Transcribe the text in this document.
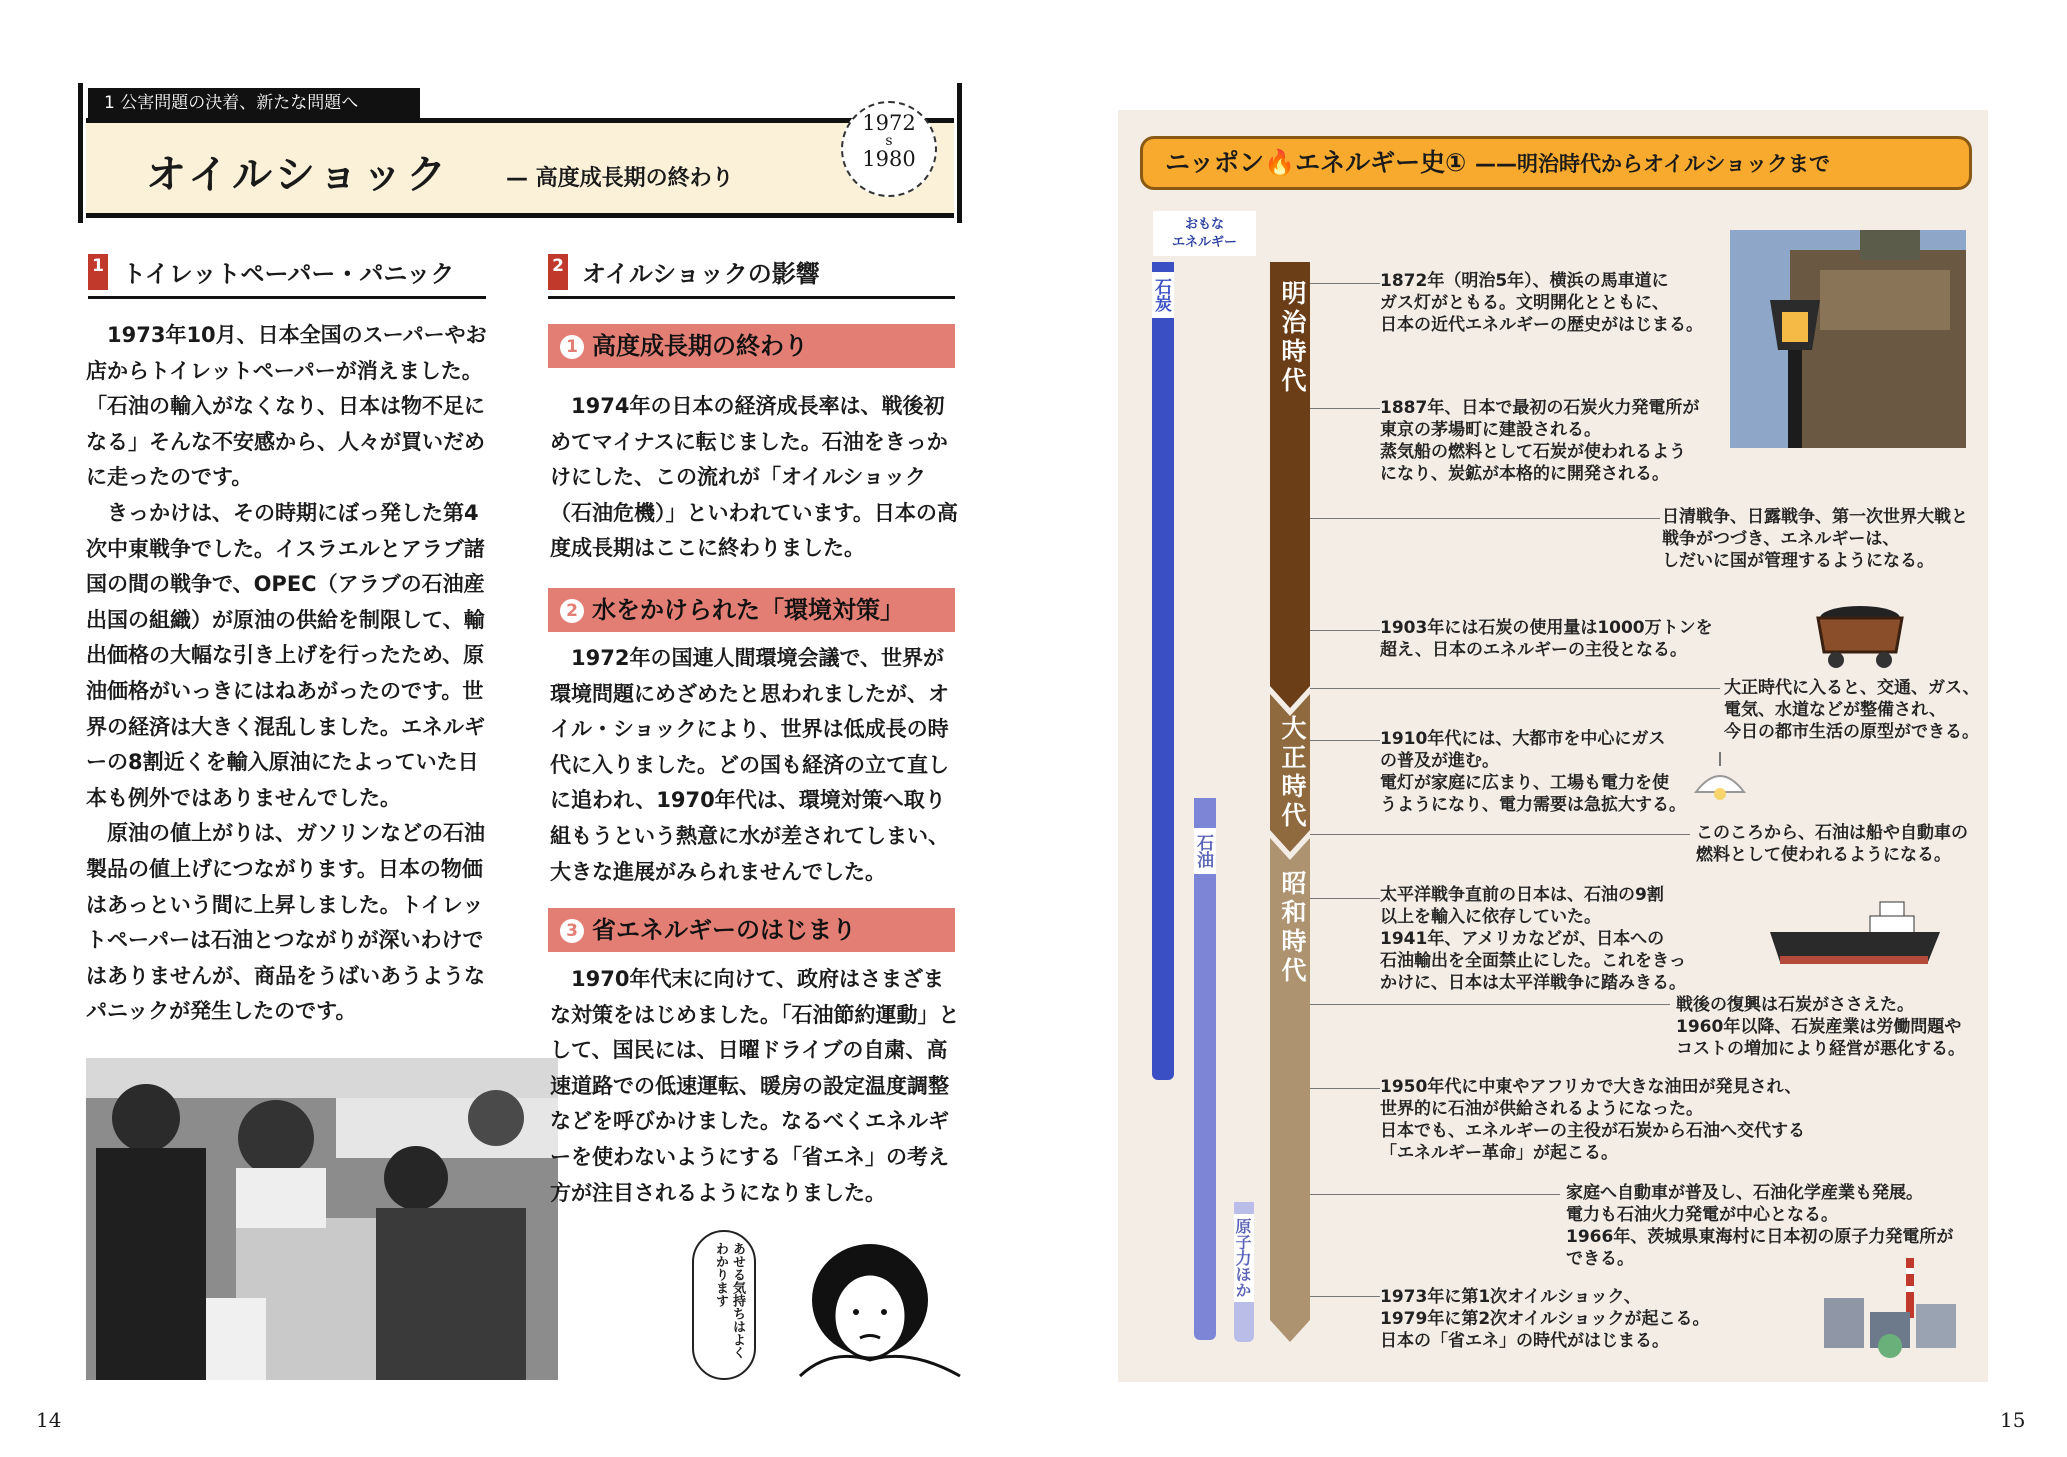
1 公害問題の決着、新たな問題へ
オイルショック	— 高度成長期の終わり
1972
s
1980
1 トイレットペーパー・パニック

1973年10月、日本全国のスーパーやお店からトイレットペーパーが消えました。「石油の輸入がなくなり、日本は物不足になる」そんな不安感から、人々が買いだめに走ったのです。

きっかけは、その時期にぼっ発した第4次中東戦争でした。イスラエルとアラブ諸国の間の戦争で、OPEC（アラブの石油産出国の組織）が原油の供給を制限して、輸出価格の大幅な引き上げを行ったため、原油価格がいっきにはねあがったのです。世界の経済は大きく混乱しました。エネルギーの8割近くを輸入原油にたよっていた日本も例外ではありませんでした。

原油の値上がりは、ガソリンなどの石油製品の値上げにつながります。日本の物価はあっという間に上昇しました。トイレットペーパーは石油とつながりが深いわけではありませんが、商品をうばいあうようなパニックが発生したのです。

2 オイルショックの影響
1 高度成長期の終わり
1974年の日本の経済成長率は、戦後初めてマイナスに転じました。石油をきっかけにした、この流れが「オイルショック（石油危機）」といわれています。日本の高度成長期はここに終わりました。
2 水をかけられた「環境対策」
1972年の国連人間環境会議で、世界が環境問題にめざめたと思われましたが、オイル・ショックにより、世界は低成長の時代に入りました。どの国も経済の立て直しに追われ、1970年代は、環境対策へ取り組もうという熱意に水が差されてしまい、大きな進展がみられませんでした。
3 省エネルギーのはじまり
1970年代末に向けて、政府はさまざまな対策をはじめました。「石油節約運動」として、国民には、日曜ドライブの自粛、高速道路での低速運転、暖房の設定温度調整などを呼びかけました。なるべくエネルギーを使わないようにする「省エネ」の考え方が注目されるようになりました。
あせる気持ちはよくわかります
14
ニッポン🔥エネルギー史① ——明治時代からオイルショックまで
おもな
エネルギー
石炭
石油
原子力ほか
明治時代
大正時代
昭和時代
1872年（明治5年）、横浜の馬車道に
ガス灯がともる。文明開化とともに、
日本の近代エネルギーの歴史がはじまる。
1887年、日本で最初の石炭火力発電所が
東京の茅場町に建設される。
蒸気船の燃料として石炭が使われるよう
になり、炭鉱が本格的に開発される。
日清戦争、日露戦争、第一次世界大戦と
戦争がつづき、エネルギーは、
しだいに国が管理するようになる。
1903年には石炭の使用量は1000万トンを
超え、日本のエネルギーの主役となる。
大正時代に入ると、交通、ガス、
電気、水道などが整備され、
今日の都市生活の原型ができる。
1910年代には、大都市を中心にガス
の普及が進む。
電灯が家庭に広まり、工場も電力を使
うようになり、電力需要は急拡大する。
このころから、石油は船や自動車の
燃料として使われるようになる。
太平洋戦争直前の日本は、石油の9割
以上を輸入に依存していた。
1941年、アメリカなどが、日本への
石油輸出を全面禁止にした。これをきっ
かけに、日本は太平洋戦争に踏みきる。
戦後の復興は石炭がささえた。
1960年以降、石炭産業は労働問題や
コストの増加により経営が悪化する。
1950年代に中東やアフリカで大きな油田が発見され、
世界的に石油が供給されるようになった。
日本でも、エネルギーの主役が石炭から石油へ交代する
「エネルギー革命」が起こる。
家庭へ自動車が普及し、石油化学産業も発展。
電力も石油火力発電が中心となる。
1966年、茨城県東海村に日本初の原子力発電所が
できる。
1973年に第1次オイルショック、
1979年に第2次オイルショックが起こる。
日本の「省エネ」の時代がはじまる。
15
